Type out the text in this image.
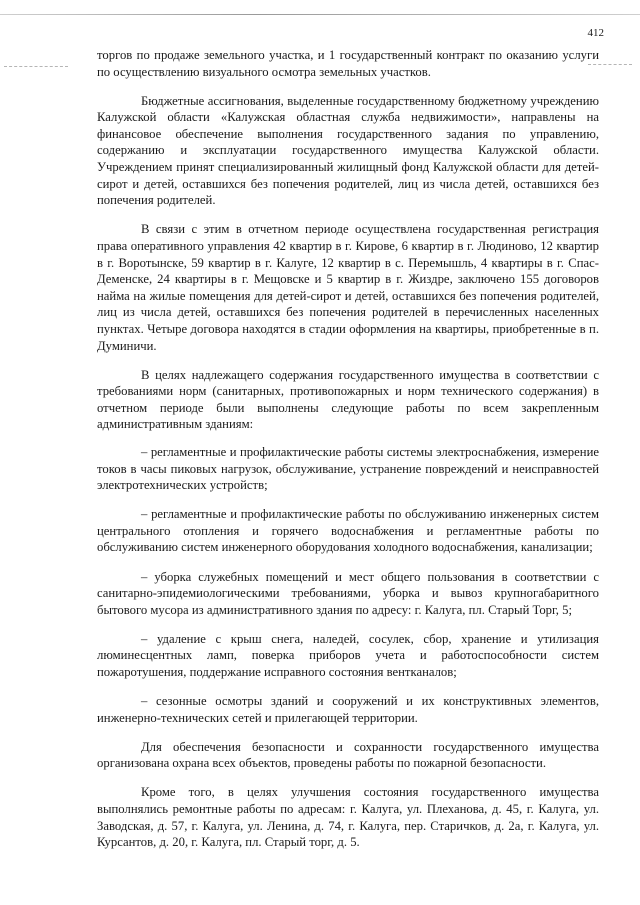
412

торгов по продаже земельного участка, и 1 государственный контракт по оказанию услуги по осуществлению визуального осмотра земельных участков.

Бюджетные ассигнования, выделенные государственному бюджетному учреждению Калужской области «Калужская областная служба недвижимости», направлены на финансовое обеспечение выполнения государственного задания по управлению, содержанию и эксплуатации государственного имущества Калужской области. Учреждением принят специализированный жилищный фонд Калужской области для детей-сирот и детей, оставшихся без попечения родителей, лиц из числа детей, оставшихся без попечения родителей.

В связи с этим в отчетном периоде осуществлена государственная регистрация права оперативного управления 42 квартир в г. Кирове, 6 квартир в г. Людиново, 12 квартир в г. Воротынске, 59 квартир в г. Калуге, 12 квартир в с. Перемышль, 4 квартиры в г. Спас-Деменске, 24 квартиры в г. Мещовске и 5 квартир в г. Жиздре, заключено 155 договоров найма на жилые помещения для детей-сирот и детей, оставшихся без попечения родителей, лиц из числа детей, оставшихся без попечения родителей в перечисленных населенных пунктах. Четыре договора находятся в стадии оформления на квартиры, приобретенные в п. Думиничи.

В целях надлежащего содержания государственного имущества в соответствии с требованиями норм (санитарных, противопожарных и норм технического содержания) в отчетном периоде были выполнены следующие работы по всем закрепленным административным зданиям:

– регламентные и профилактические работы системы электроснабжения, измерение токов в часы пиковых нагрузок, обслуживание, устранение повреждений и неисправностей электротехнических устройств;

– регламентные и профилактические работы по обслуживанию инженерных систем центрального отопления и горячего водоснабжения и регламентные работы по обслуживанию систем инженерного оборудования холодного водоснабжения, канализации;

– уборка служебных помещений и мест общего пользования в соответствии с санитарно-эпидемиологическими требованиями, уборка и вывоз крупногабаритного бытового мусора из административного здания по адресу: г. Калуга, пл. Старый Торг, 5;

– удаление с крыш снега, наледей, сосулек, сбор, хранение и утилизация люминесцентных ламп, поверка приборов учета и работоспособности систем пожаротушения, поддержание исправного состояния вентканалов;

– сезонные осмотры зданий и сооружений и их конструктивных элементов, инженерно-технических сетей и прилегающей территории.

Для обеспечения безопасности и сохранности государственного имущества организована охрана всех объектов, проведены работы по пожарной безопасности.

Кроме того, в целях улучшения состояния государственного имущества выполнялись ремонтные работы по адресам: г. Калуга, ул. Плеханова, д. 45, г. Калуга, ул. Заводская, д. 57, г. Калуга, ул. Ленина, д. 74, г. Калуга, пер. Старичков, д. 2а, г. Калуга, ул. Курсантов, д. 20, г. Калуга, пл. Старый торг, д. 5.
